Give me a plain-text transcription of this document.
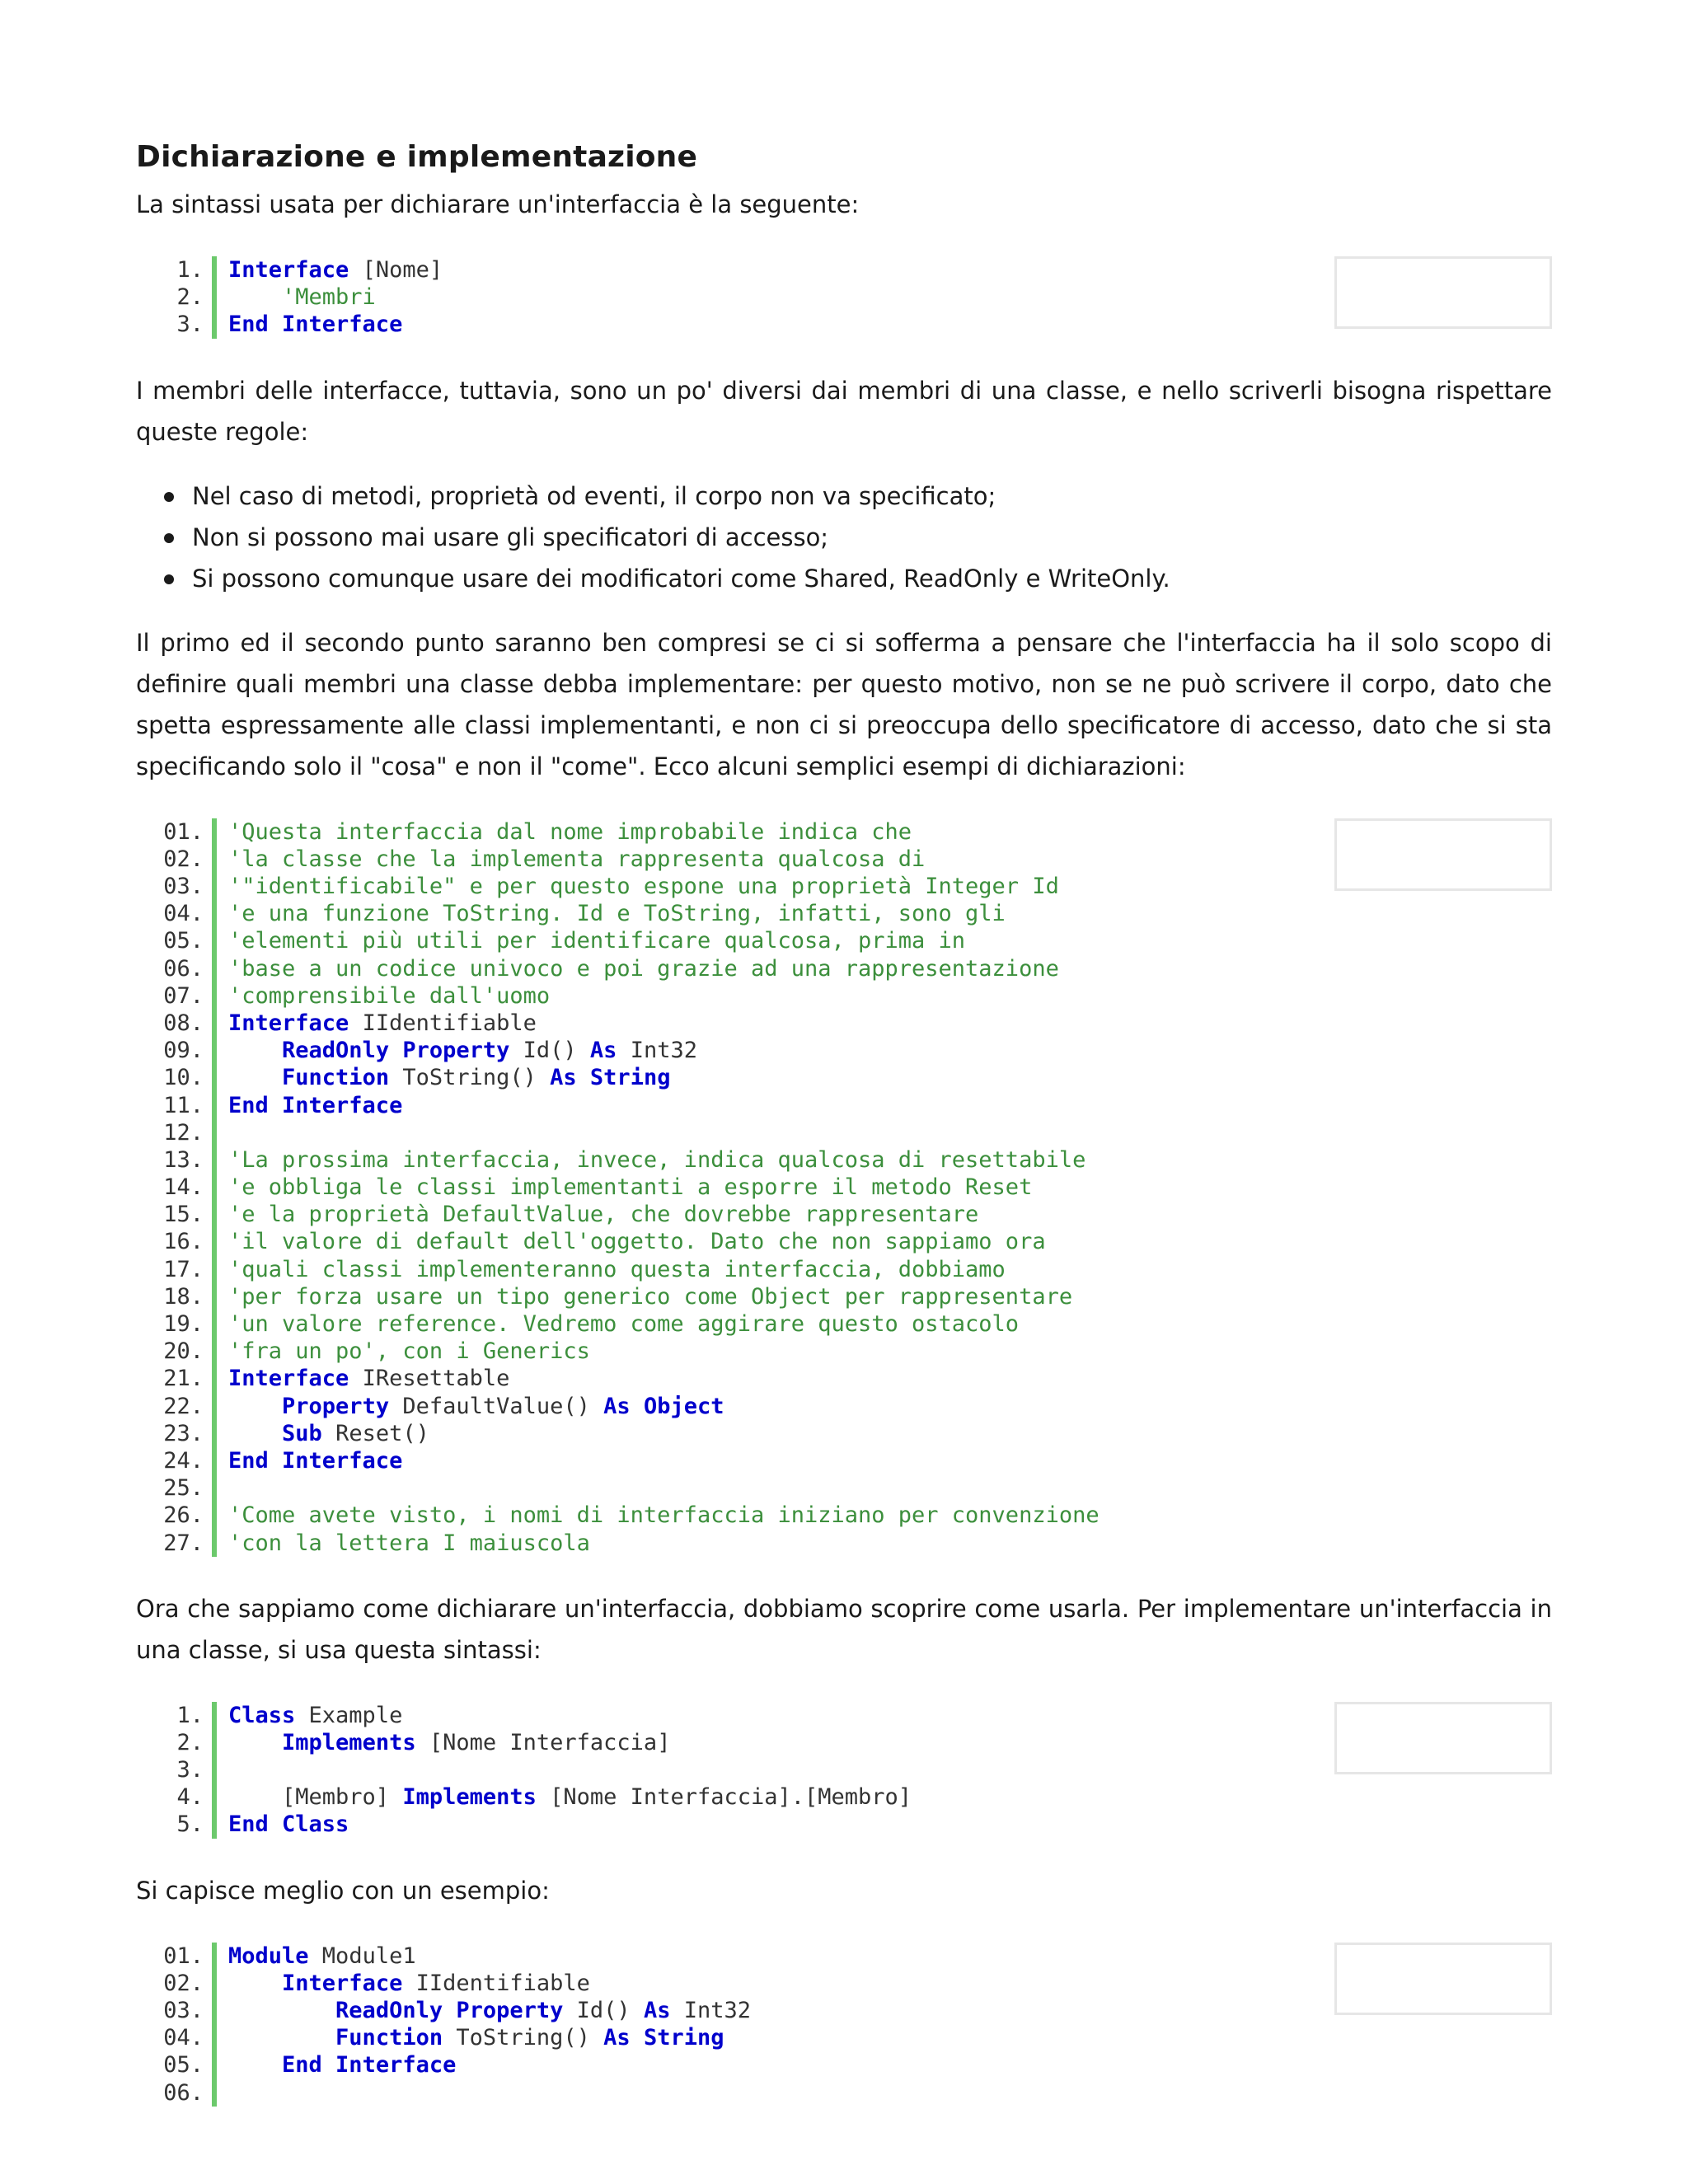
Dichiarazione e implementazione

La sintassi usata per dichiarare un'interfaccia è la seguente:

1.	Interface [Nome]
2.	'Membri
3.	End Interface

I membri delle interfacce, tuttavia, sono un po' diversi dai membri di una classe, e nello scriverli bisogna rispettare queste regole:

Nel caso di metodi, proprietà od eventi, il corpo non va specificato;
Non si possono mai usare gli specificatori di accesso;
Si possono comunque usare dei modificatori come Shared, ReadOnly e WriteOnly.

Il primo ed il secondo punto saranno ben compresi se ci si sofferma a pensare che l'interfaccia ha il solo scopo di definire quali membri una classe debba implementare: per questo motivo, non se ne può scrivere il corpo, dato che spetta espressamente alle classi implementanti, e non ci si preoccupa dello specificatore di accesso, dato che si sta specificando solo il "cosa" e non il "come". Ecco alcuni semplici esempi di dichiarazioni:

01.	'Questa interfaccia dal nome improbabile indica che
02.	'la classe che la implementa rappresenta qualcosa di
03.	'"identificabile" e per questo espone una proprietà Integer Id
04.	'e una funzione ToString. Id e ToString, infatti, sono gli
05.	'elementi più utili per identificare qualcosa, prima in
06.	'base a un codice univoco e poi grazie ad una rappresentazione
07.	'comprensibile dall'uomo
08.	Interface IIdentifiable
09.	ReadOnly Property Id() As Int32
10.	Function ToString() As String
11.	End Interface
12.
13.	'La prossima interfaccia, invece, indica qualcosa di resettabile
14.	'e obbliga le classi implementanti a esporre il metodo Reset
15.	'e la proprietà DefaultValue, che dovrebbe rappresentare
16.	'il valore di default dell'oggetto. Dato che non sappiamo ora
17.	'quali classi implementeranno questa interfaccia, dobbiamo
18.	'per forza usare un tipo generico come Object per rappresentare
19.	'un valore reference. Vedremo come aggirare questo ostacolo
20.	'fra un po', con i Generics
21.	Interface IResettable
22.	Property DefaultValue() As Object
23.	Sub Reset()
24.	End Interface
25.
26.	'Come avete visto, i nomi di interfaccia iniziano per convenzione
27.	'con la lettera I maiuscola

Ora che sappiamo come dichiarare un'interfaccia, dobbiamo scoprire come usarla. Per implementare un'interfaccia in una classe, si usa questa sintassi:

1.	Class Example
2.	Implements [Nome Interfaccia]
3.
4.	[Membro] Implements [Nome Interfaccia].[Membro]
5.	End Class

Si capisce meglio con un esempio:

01.	Module Module1
02.	Interface IIdentifiable
03.	ReadOnly Property Id() As Int32
04.	Function ToString() As String
05.	End Interface
06.
